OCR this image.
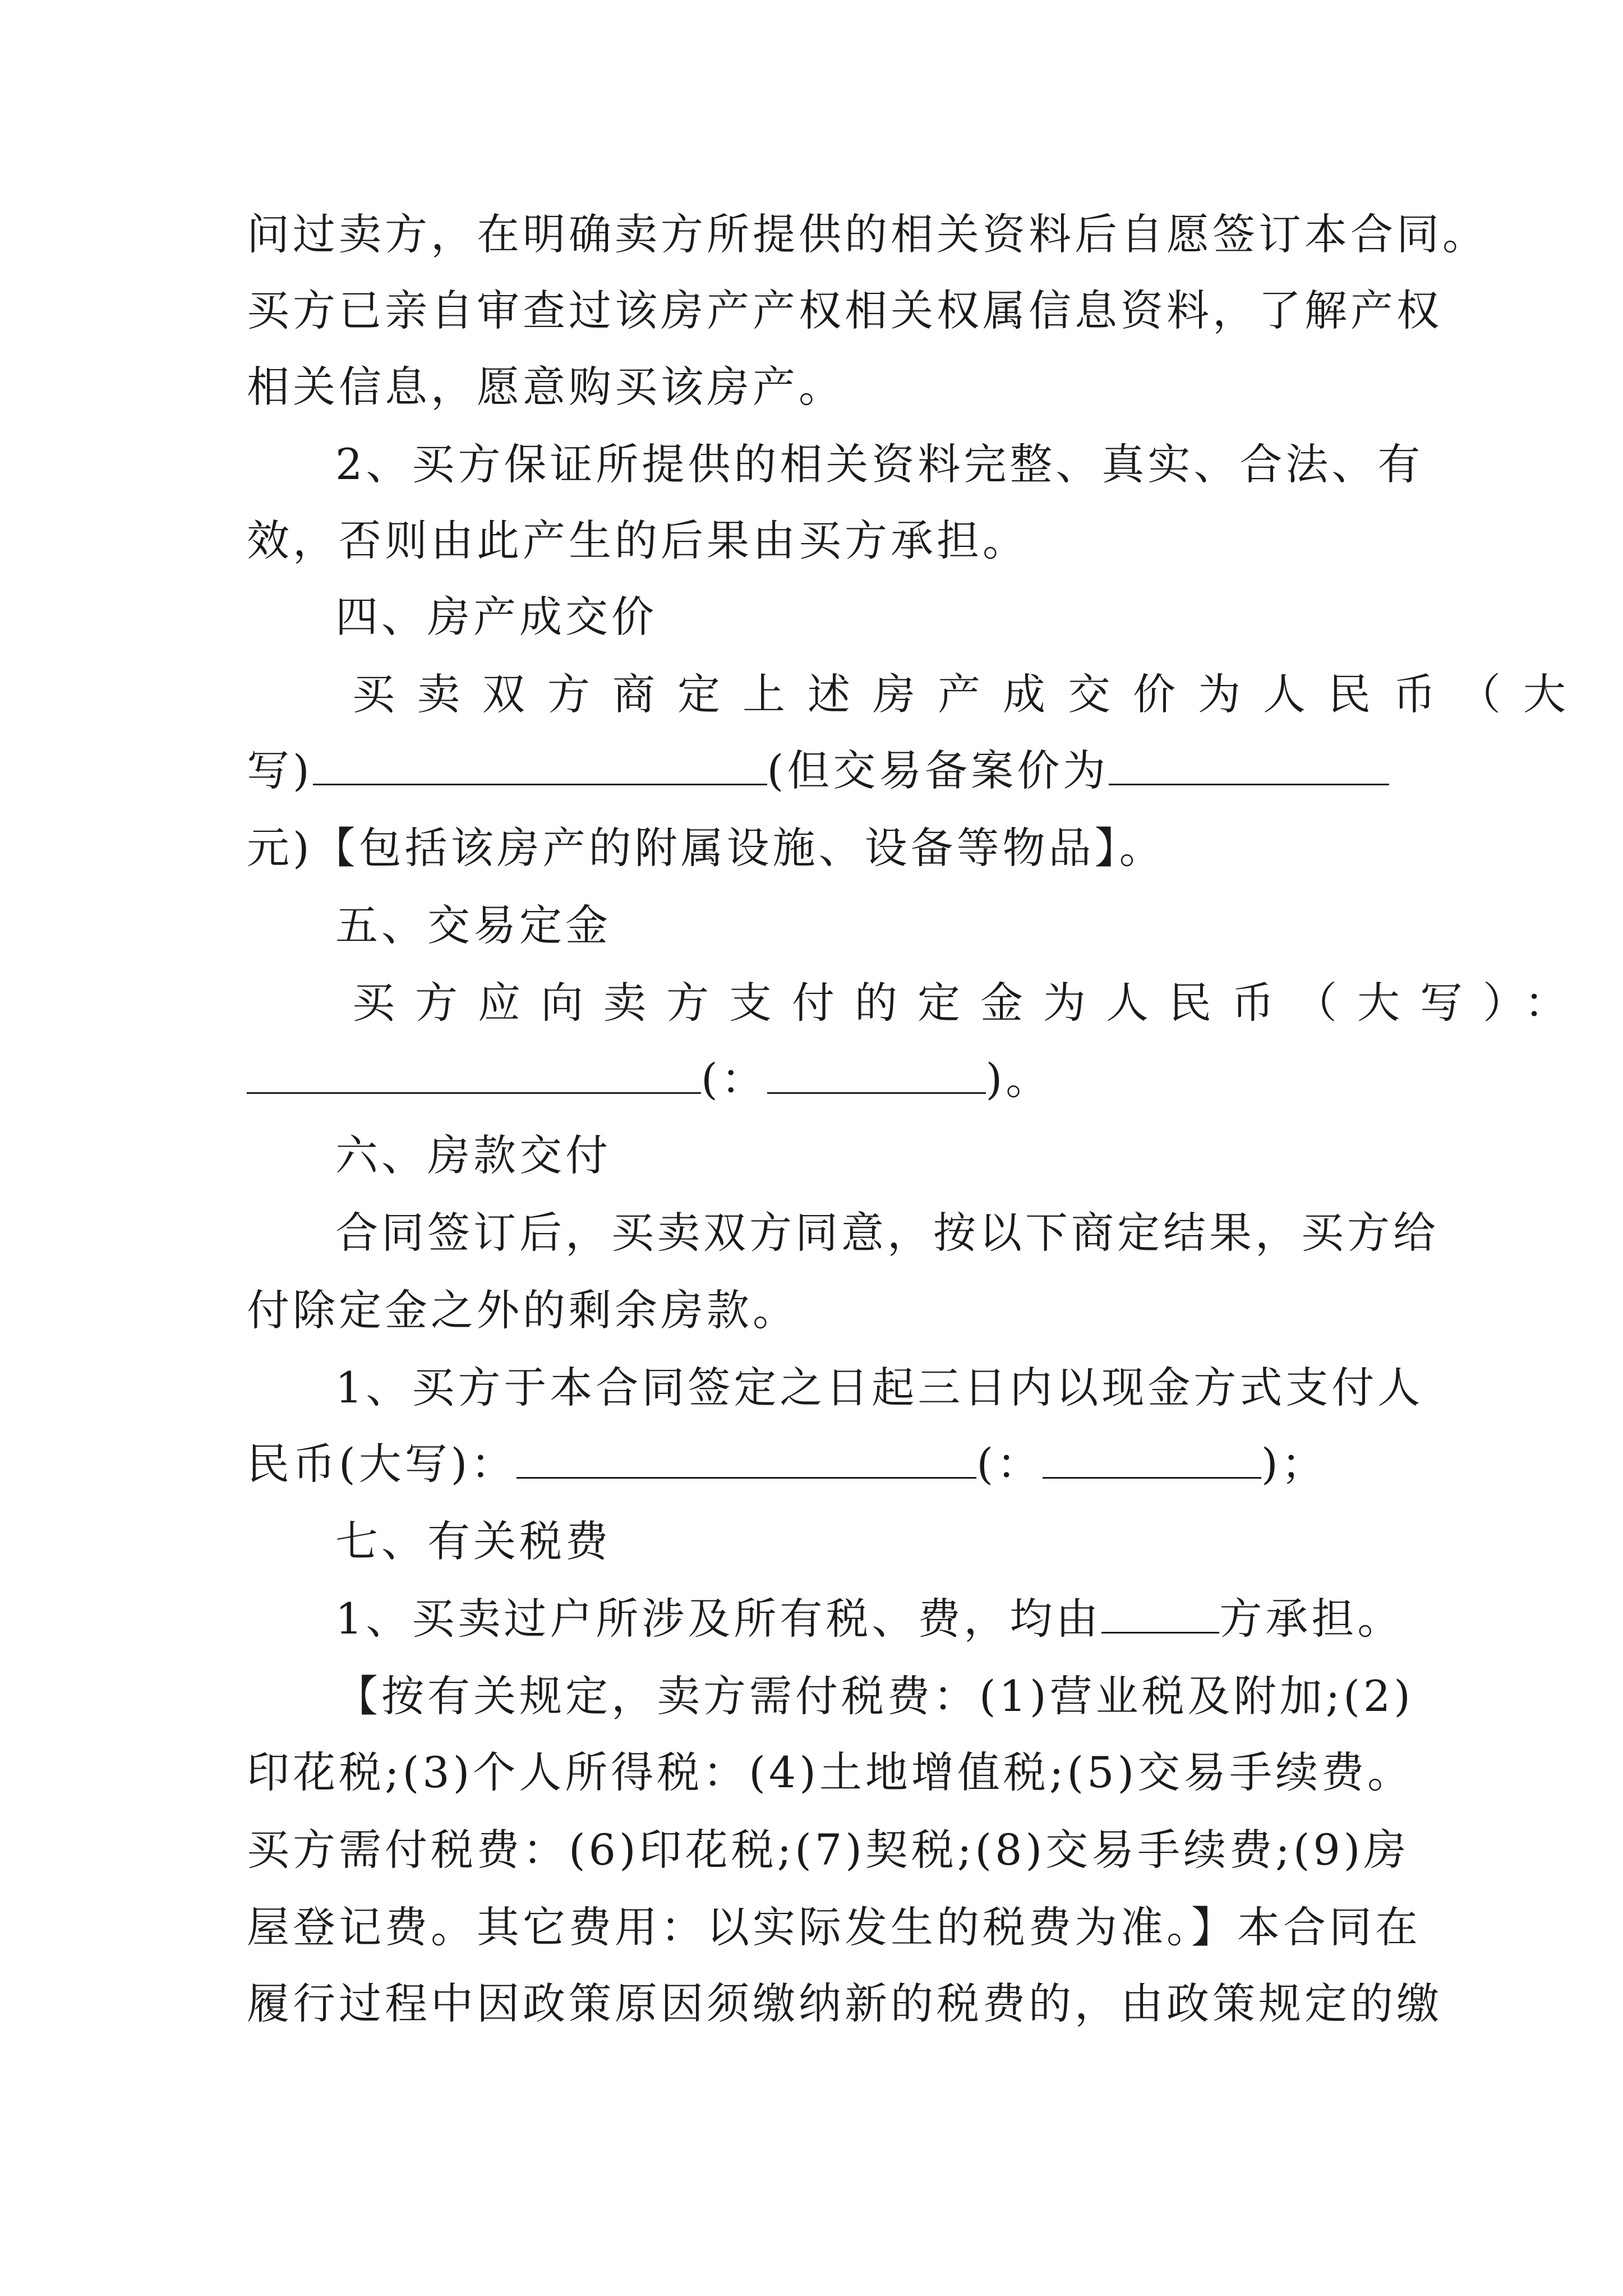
问过卖方，在明确卖方所提供的相关资料后自愿签订本合同。
买方已亲自审查过该房产产权相关权属信息资料，了解产权
相关信息，愿意购买该房产。
2、买方保证所提供的相关资料完整、真实、合法、有
效，否则由此产生的后果由买方承担。
四、房产成交价
买卖双方商定上述房产成交价为人民币（大
写)	(但交易备案价为
元)【包括该房产的附属设施、设备等物品】。
五、交易定金
买方应向卖方支付的定金为人民币（大写）：
(：	)。
六、房款交付
合同签订后，买卖双方同意，按以下商定结果，买方给
付除定金之外的剩余房款。
1、买方于本合同签定之日起三日内以现金方式支付人
民币(大写)：	(：	)；
七、有关税费
1、买卖过户所涉及所有税、费，均由	方承担。
【按有关规定，卖方需付税费：(1)营业税及附加;(2)
印花税;(3)个人所得税：(4)土地增值税;(5)交易手续费。
买方需付税费：(6)印花税;(7)契税;(8)交易手续费;(9)房
屋登记费。其它费用：以实际发生的税费为准。】本合同在
履行过程中因政策原因须缴纳新的税费的，由政策规定的缴
